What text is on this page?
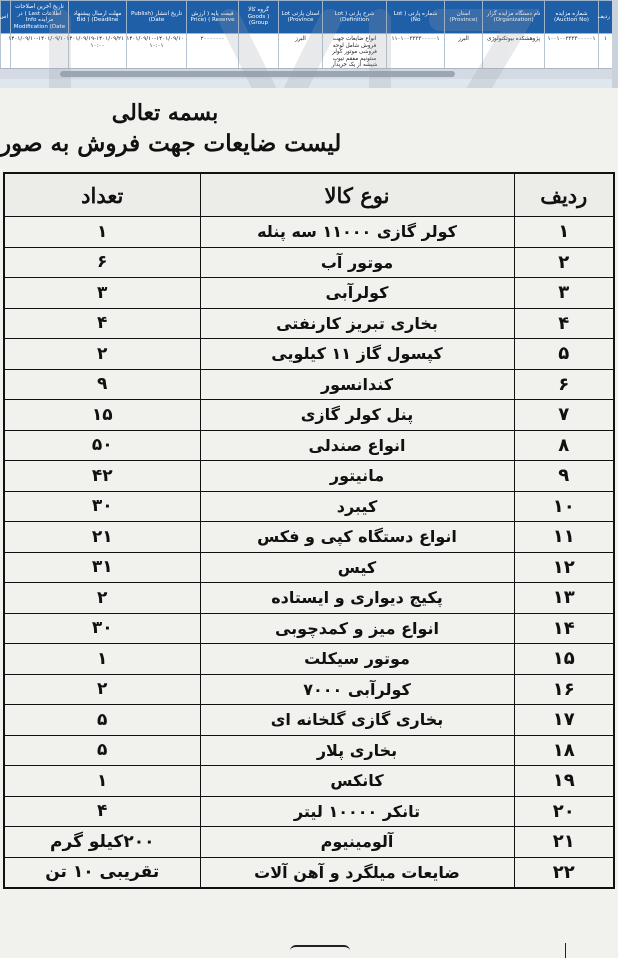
ردیف	شماره مزایده (Auction No)	نام دستگاه مزایده گزار (Organization)	استان (Province)	شماره پارتی Lot ) (No	شرح پارتی Lot ) (Definition	استان پارتی Lot Province)	گروه کالا Goods ) (Group	قیمت پایه ( ارزش Reserve ) (Price	تاریخ انتشار (Publish Date)	مهلت ارسال پیشنهاد Bid ) (Deadline	تاریخ آخرین اصلاحات اطلاعات Last ) در مزایده Info Modification (Date	اس
۱	۱۰۰۱۰۰۳۳۳۳۰۰۰۰۰۱	پژوهشکده بیوتکنولوژی	البرز	۱۱۰۱۰۰۳۳۳۳۰۰۰۰۰۱	انواع ضایعات جهت فروش شامل لوحه فروشی موتور کولر ستونیم مفقم تیوپ شیشه از یک خریدار	البرز		۲۰۰۰۰۰۰۰	۱۴۰۱/۰۹/۱۰-۱۴۰۱/۰۹/۱۰ ۱۰:۰۱	۱۴۰۱/۰۹/۱۹-۱۴۰۱/۰۹/۲۱ ۱۰:۰۰	۱۴۰۱/۰۹/۱۰-۱۴۰۱/۰۹/۱۰	
بسمه تعالی
لیست ضایعات جهت فروش به صور
ردیف	نوع کالا	تعداد
۱	کولر گازی ۱۱۰۰۰ سه پنله	۱
۲	موتور آب	۶
۳	کولرآبی	۳
۴	بخاری تبریز کارنفتی	۴
۵	کپسول گاز ۱۱ کیلویی	۲
۶	کندانسور	۹
۷	پنل کولر گازی	۱۵
۸	انواع صندلی	۵۰
۹	مانیتور	۴۲
۱۰	کیبرد	۳۰
۱۱	انواع دستگاه کپی و فکس	۲۱
۱۲	کیس	۳۱
۱۳	پکیج دیواری و ایستاده	۲
۱۴	انواع میز و کمدچوبی	۳۰
۱۵	موتور سیکلت	۱
۱۶	کولرآبی ۷۰۰۰	۲
۱۷	بخاری گازی گلخانه ای	۵
۱۸	بخاری پلار	۵
۱۹	کانکس	۱
۲۰	تانکر ۱۰۰۰۰ لیتر	۴
۲۱	آلومینیوم	۲۰۰کیلو گرم
۲۲	ضایعات میلگرد و آهن آلات	تقریبی ۱۰ تن
